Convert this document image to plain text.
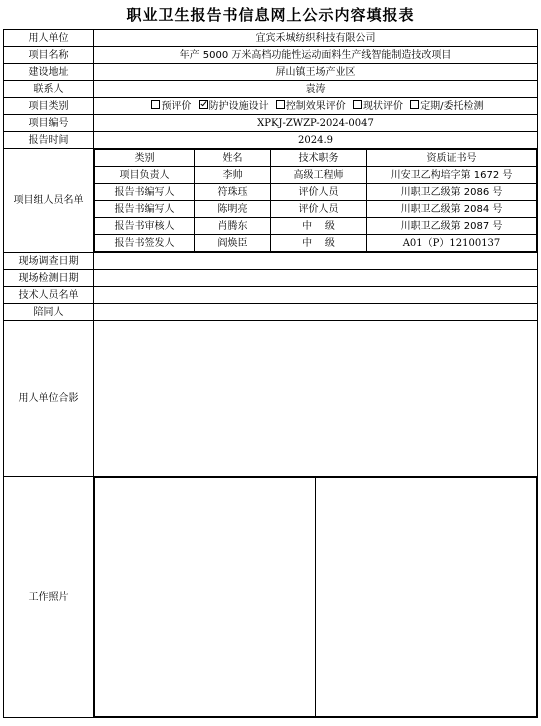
职业卫生报告书信息网上公示内容填报表
用人单位	宜宾禾城纺织科技有限公司
项目名称	年产 5000 万米高档功能性运动面料生产线智能制造技改项目
建设地址	屏山镇王场产业区
联系人	袁涛
项目类别	预评价 防护设施设计 控制效果评价 现状评价 定期/委托检测
项目编号	XPKJ-ZWZP-2024-0047
报告时间	2024.9
项目组人员名单	
类别	姓名	技术职务	资质证书号
项目负责人	李帅	高级工程师	川安卫乙构培字第 1672 号
报告书编写人	符珠珏	评价人员	川职卫乙级第 2086 号
报告书编写人	陈明亮	评价人员	川职卫乙级第 2084 号
报告书审核人	肖腾东	中    级	川职卫乙级第 2087 号
报告书签发人	阎焕臣	中    级	A01（P）12100137

现场调查日期	
现场检测日期	
技术人员名单	
陪同人	
用人单位合影	
工作照片	
